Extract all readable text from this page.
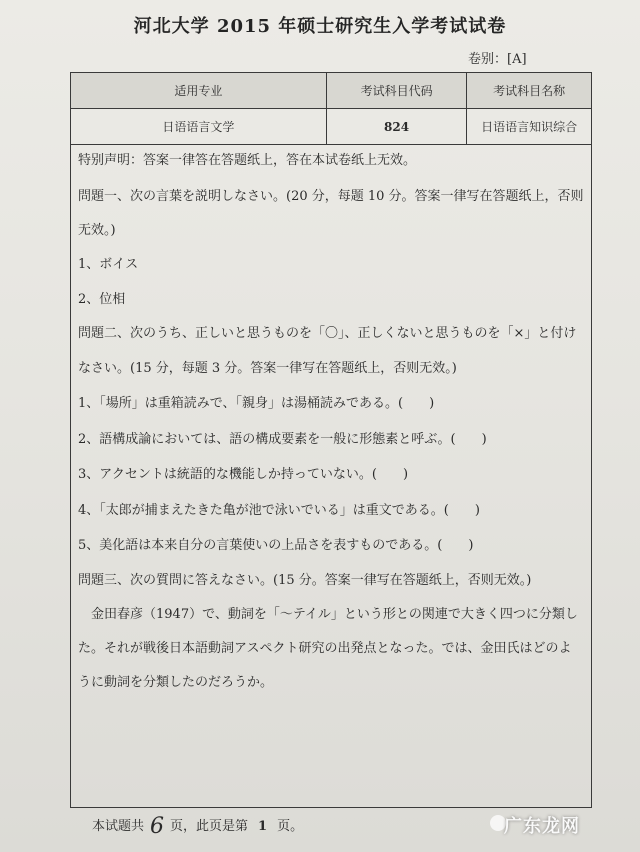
河北大学 2015 年硕士研究生入学考试试卷
卷别：[A]
适用专业	考试科目代码	考试科目名称
日语语言文学	824	日语语言知识综合
特别声明：答案一律答在答题纸上，答在本试卷纸上无效。
問題一、次の言葉を説明しなさい。(20 分，每题 10 分。答案一律写在答题纸上，否则
无效。)
1、ボイス
2、位相
問題二、次のうち、正しいと思うものを「〇」、正しくないと思うものを「×」と付け
なさい。(15 分，每题 3 分。答案一律写在答题纸上，否则无效。)
1、「場所」は重箱読みで、「親身」は湯桶読みである。(　　)
2、語構成論においては、語の構成要素を一般に形態素と呼ぶ。(　　)
3、アクセントは統語的な機能しか持っていない。(　　)
4、「太郎が捕まえたきた亀が池で泳いでいる」は重文である。(　　)
5、美化語は本来自分の言葉使いの上品さを表すものである。(　　)
問題三、次の質問に答えなさい。(15 分。答案一律写在答题纸上，否则无效。)
　金田春彦（1947）で、動詞を「～テイル」という形との関連で大きく四つに分類し
た。それが戦後日本語動詞アスペクト研究の出発点となった。では、金田氏はどのよ
うに動詞を分類したのだろうか。
本试题共 6 页，此页是第 1 页。	广东龙网
